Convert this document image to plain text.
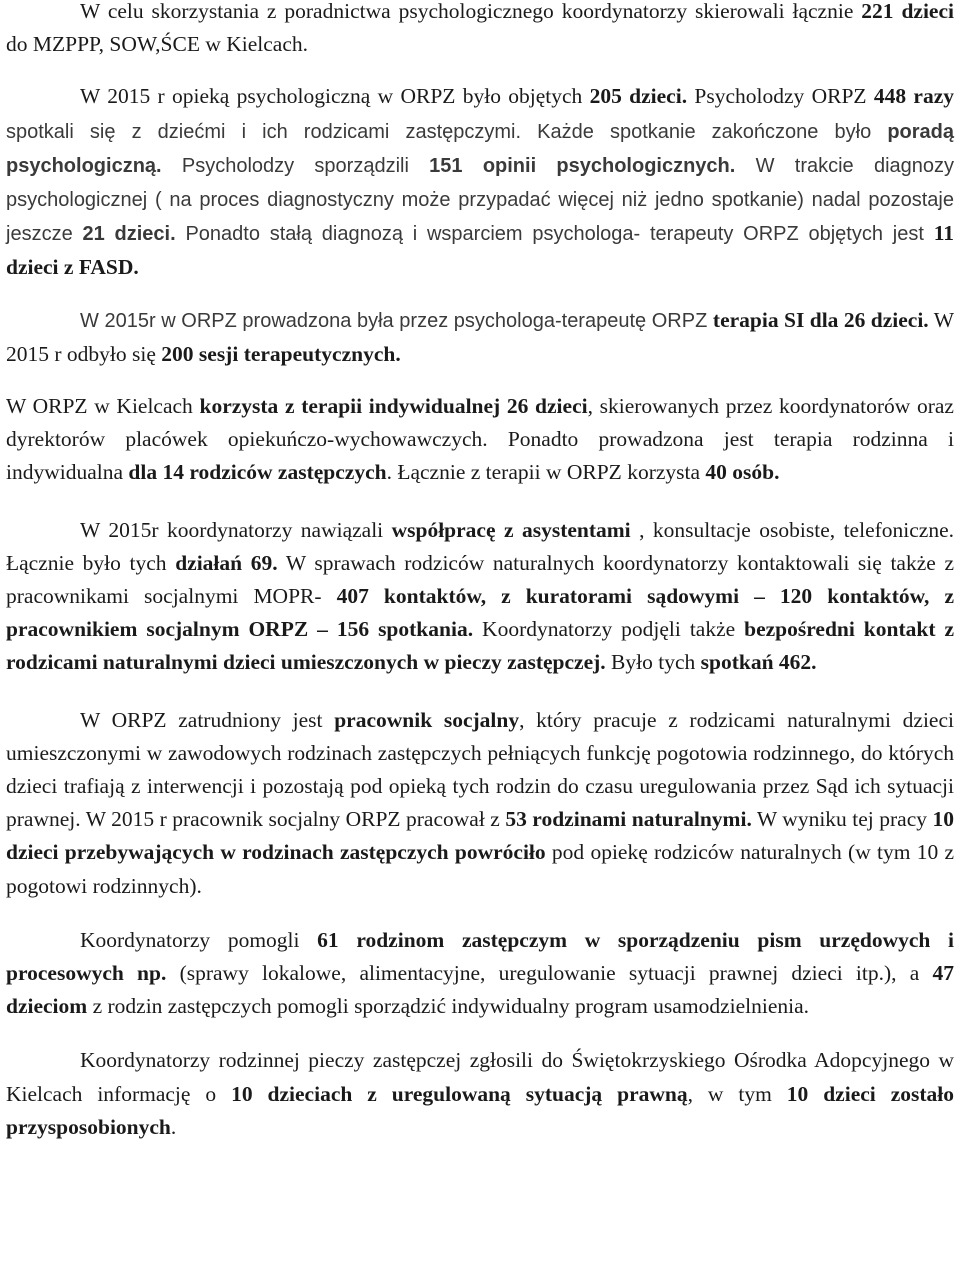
W celu skorzystania z poradnictwa psychologicznego koordynatorzy skierowali łącznie 221 dzieci do MZPPP, SOW,ŚCE w Kielcach.

W 2015 r opieką psychologiczną w ORPZ było objętych 205 dzieci. Psycholodzy ORPZ 448 razy spotkali się z dziećmi i ich rodzicami zastępczymi. Każde spotkanie zakończone było poradą psychologiczną. Psycholodzy sporządzili 151 opinii psychologicznych. W trakcie diagnozy psychologicznej ( na proces diagnostyczny może przypadać więcej niż jedno spotkanie) nadal pozostaje jeszcze 21 dzieci. Ponadto stałą diagnozą i wsparciem psychologa- terapeuty ORPZ objętych jest 11 dzieci z FASD.

W 2015r w ORPZ prowadzona była przez psychologa-terapeutę ORPZ terapia SI dla 26 dzieci. W 2015 r odbyło się 200 sesji terapeutycznych.

W ORPZ w Kielcach korzysta z terapii indywidualnej 26 dzieci, skierowanych przez koordynatorów oraz dyrektorów placówek opiekuńczo-wychowawczych. Ponadto prowadzona jest terapia rodzinna i indywidualna dla 14 rodziców zastępczych. Łącznie z terapii w ORPZ korzysta 40 osób.

W 2015r koordynatorzy nawiązali współpracę z asystentami , konsultacje osobiste, telefoniczne. Łącznie było tych działań 69. W sprawach rodziców naturalnych koordynatorzy kontaktowali się także z pracownikami socjalnymi MOPR- 407 kontaktów, z kuratorami sądowymi – 120 kontaktów, z pracownikiem socjalnym ORPZ – 156 spotkania. Koordynatorzy podjęli także bezpośredni kontakt z rodzicami naturalnymi dzieci umieszczonych w pieczy zastępczej. Było tych spotkań 462.

W ORPZ zatrudniony jest pracownik socjalny, który pracuje z rodzicami naturalnymi dzieci umieszczonymi w zawodowych rodzinach zastępczych pełniących funkcję pogotowia rodzinnego, do których dzieci trafiają z interwencji i pozostają pod opieką tych rodzin do czasu uregulowania przez Sąd ich sytuacji prawnej. W 2015 r pracownik socjalny ORPZ pracował z 53 rodzinami naturalnymi. W wyniku tej pracy 10 dzieci przebywających w rodzinach zastępczych powróciło pod opiekę rodziców naturalnych (w tym 10 z pogotowi rodzinnych).

Koordynatorzy pomogli 61 rodzinom zastępczym w sporządzeniu pism urzędowych i procesowych np. (sprawy lokalowe, alimentacyjne, uregulowanie sytuacji prawnej dzieci itp.), a 47 dzieciom z rodzin zastępczych pomogli sporządzić indywidualny program usamodzielnienia.

Koordynatorzy rodzinnej pieczy zastępczej zgłosili do Świętokrzyskiego Ośrodka Adopcyjnego w Kielcach informację o 10 dzieciach z uregulowaną sytuacją prawną, w tym 10 dzieci zostało przysposobionych.
